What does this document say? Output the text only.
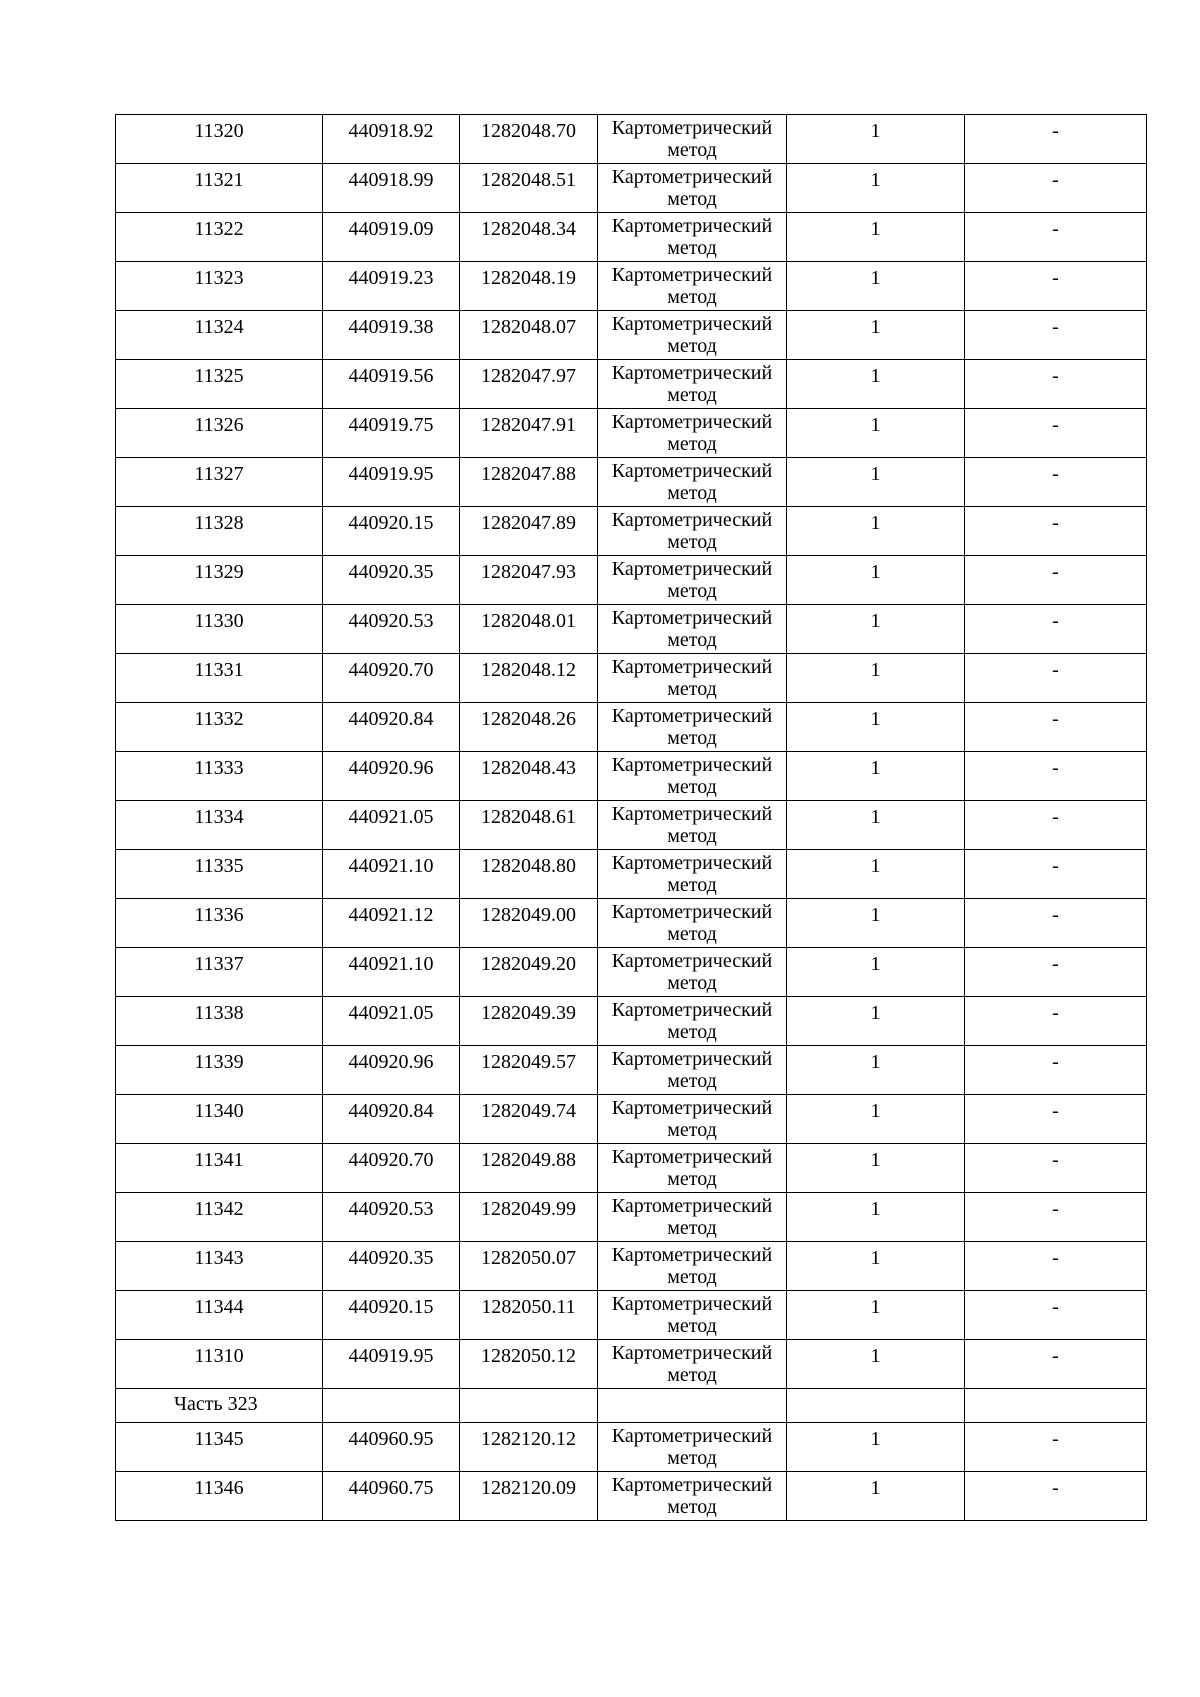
11320	440918.92	1282048.70	Картометрический
метод	1	-
11321	440918.99	1282048.51	Картометрический
метод	1	-
11322	440919.09	1282048.34	Картометрический
метод	1	-
11323	440919.23	1282048.19	Картометрический
метод	1	-
11324	440919.38	1282048.07	Картометрический
метод	1	-
11325	440919.56	1282047.97	Картометрический
метод	1	-
11326	440919.75	1282047.91	Картометрический
метод	1	-
11327	440919.95	1282047.88	Картометрический
метод	1	-
11328	440920.15	1282047.89	Картометрический
метод	1	-
11329	440920.35	1282047.93	Картометрический
метод	1	-
11330	440920.53	1282048.01	Картометрический
метод	1	-
11331	440920.70	1282048.12	Картометрический
метод	1	-
11332	440920.84	1282048.26	Картометрический
метод	1	-
11333	440920.96	1282048.43	Картометрический
метод	1	-
11334	440921.05	1282048.61	Картометрический
метод	1	-
11335	440921.10	1282048.80	Картометрический
метод	1	-
11336	440921.12	1282049.00	Картометрический
метод	1	-
11337	440921.10	1282049.20	Картометрический
метод	1	-
11338	440921.05	1282049.39	Картометрический
метод	1	-
11339	440920.96	1282049.57	Картометрический
метод	1	-
11340	440920.84	1282049.74	Картометрический
метод	1	-
11341	440920.70	1282049.88	Картометрический
метод	1	-
11342	440920.53	1282049.99	Картометрический
метод	1	-
11343	440920.35	1282050.07	Картометрический
метод	1	-
11344	440920.15	1282050.11	Картометрический
метод	1	-
11310	440919.95	1282050.12	Картометрический
метод	1	-
Часть 323					
11345	440960.95	1282120.12	Картометрический
метод	1	-
11346	440960.75	1282120.09	Картометрический
метод	1	-
